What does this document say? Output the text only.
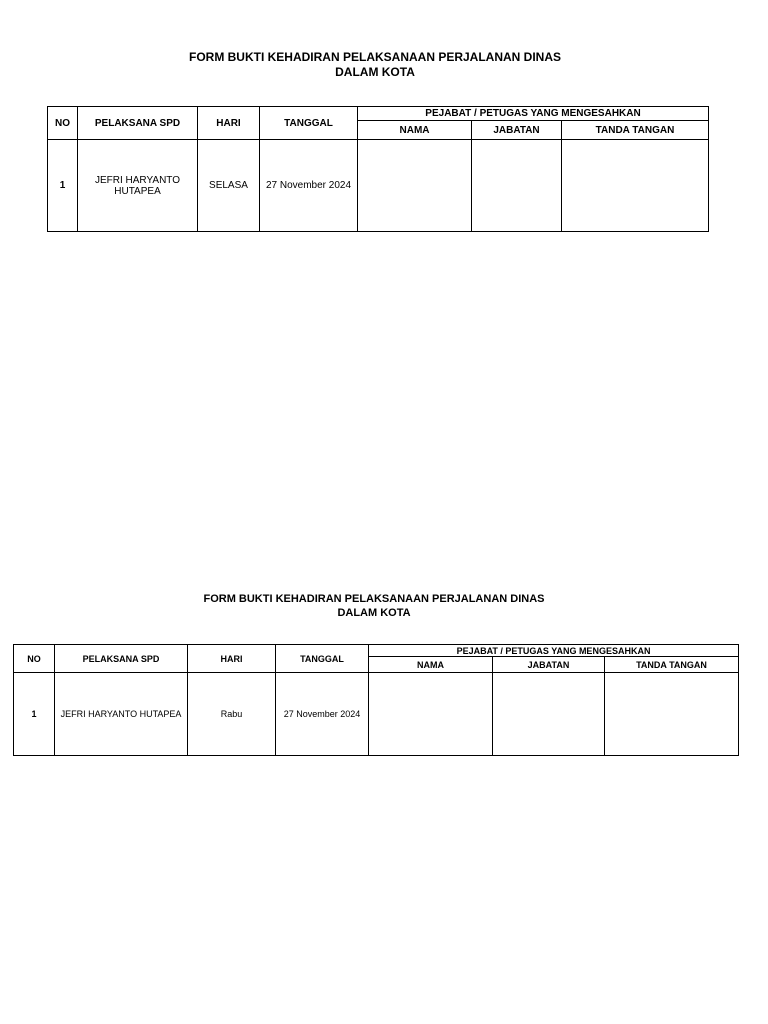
FORM BUKTI KEHADIRAN PELAKSANAAN PERJALANAN DINAS
DALAM KOTA
NO	PELAKSANA SPD	HARI	TANGGAL	PEJABAT / PETUGAS YANG MENGESAHKAN		
				NAMA	JABATAN	TANDA TANGAN
1	JEFRI HARYANTO HUTAPEA	SELASA	27 November 2024			
FORM BUKTI KEHADIRAN PELAKSANAAN PERJALANAN DINAS
DALAM KOTA
NO	PELAKSANA SPD	HARI	TANGGAL	PEJABAT / PETUGAS YANG MENGESAHKAN		
				NAMA	JABATAN	TANDA TANGAN
1	JEFRI HARYANTO HUTAPEA	Rabu	27 November 2024			
